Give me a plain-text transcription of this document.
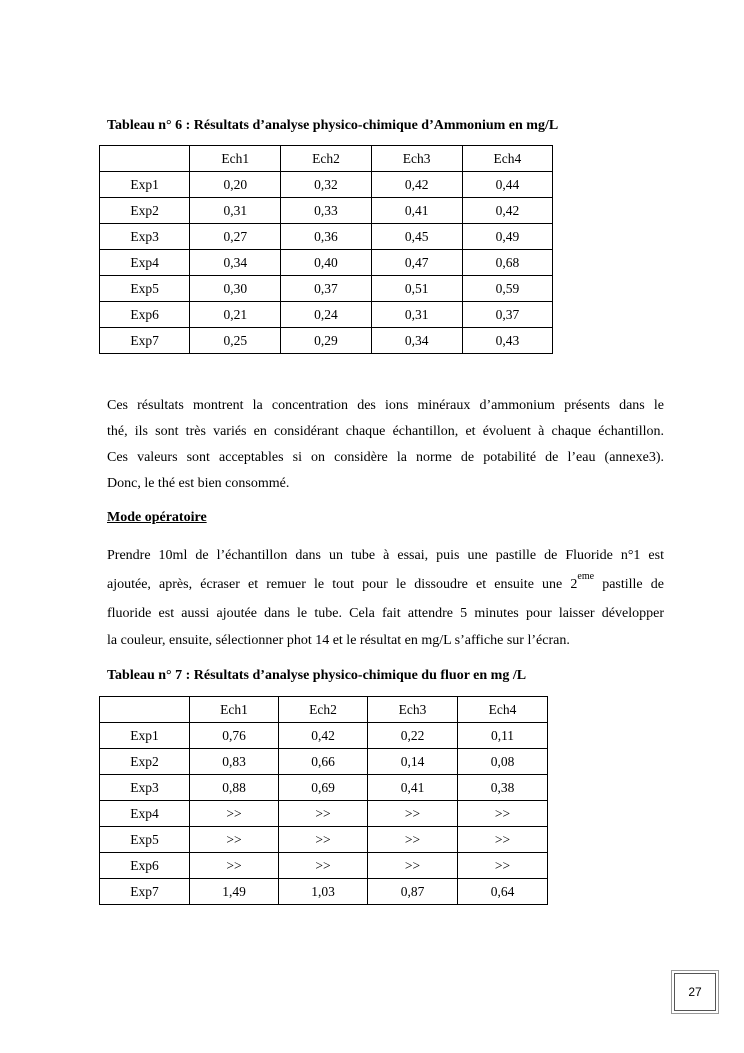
Tableau n° 6 : Résultats d’analyse physico-chimique d’Ammonium en mg/L
	Ech1	Ech2	Ech3	Ech4
Exp1	0,20	0,32	0,42	0,44
Exp2	0,31	0,33	0,41	0,42
Exp3	0,27	0,36	0,45	0,49
Exp4	0,34	0,40	0,47	0,68
Exp5	0,30	0,37	0,51	0,59
Exp6	0,21	0,24	0,31	0,37
Exp7	0,25	0,29	0,34	0,43
Ces résultats montrent la concentration des ions minéraux d’ammonium présents dans le
thé, ils sont très variés en considérant chaque échantillon, et évoluent à chaque échantillon.
Ces valeurs sont acceptables si on considère la norme de potabilité de l’eau (annexe3).
Donc, le thé est bien consommé.
Mode opératoire
Prendre 10ml de l’échantillon dans un tube à essai, puis une pastille de Fluoride n°1 est
ajoutée, après, écraser et remuer le tout pour le dissoudre et ensuite une 2eme pastille de
fluoride est aussi ajoutée dans le tube. Cela fait attendre 5 minutes pour laisser développer
la couleur, ensuite, sélectionner phot 14 et le résultat en mg/L s’affiche sur l’écran.
Tableau n° 7 : Résultats d’analyse physico-chimique du fluor en mg /L
	Ech1	Ech2	Ech3	Ech4
Exp1	0,76	0,42	0,22	0,11
Exp2	0,83	0,66	0,14	0,08
Exp3	0,88	0,69	0,41	0,38
Exp4	>>	>>	>>	>>
Exp5	>>	>>	>>	>>
Exp6	>>	>>	>>	>>
Exp7	1,49	1,03	0,87	0,64
27
